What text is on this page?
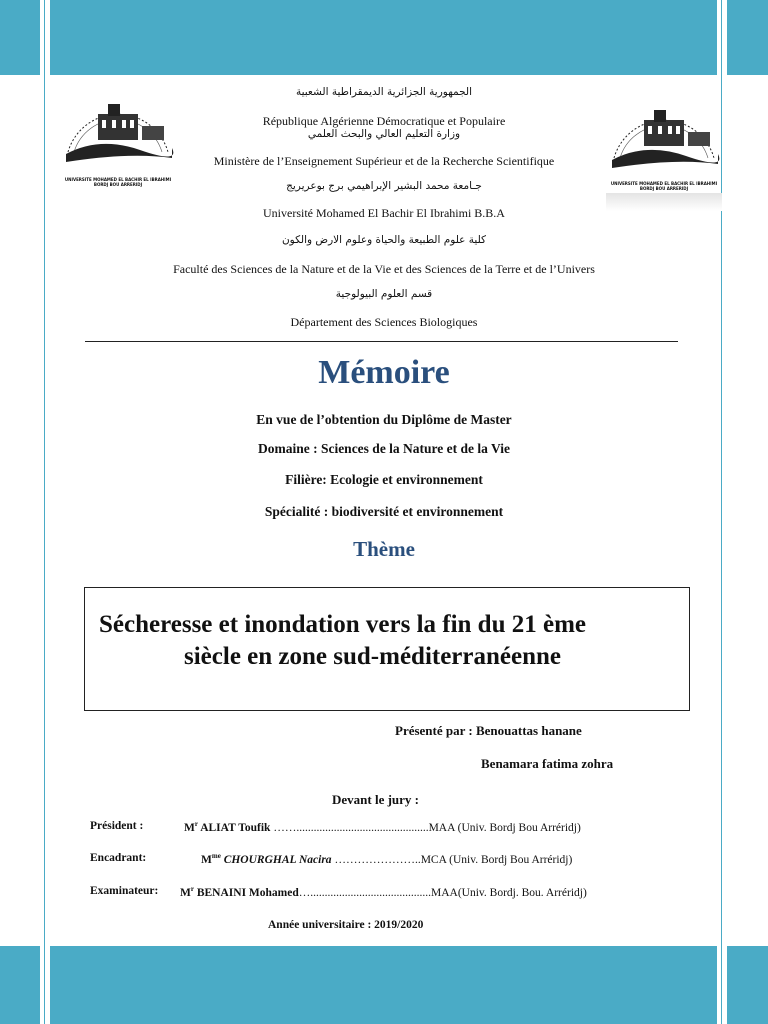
UNIVERSITE MOHAMED EL BACHIR EL IBRAHIMI
BORDJ BOU ARRERIDJ	UNIVERSITE MOHAMED EL BACHIR EL IBRAHIMI
BORDJ BOU ARRERIDJ
الجمهورية الجزائرية الديمقراطية الشعبية
République Algérienne Démocratique et Populaire
وزارة التعليم العالي والبحث العلمي
Ministère de l’Enseignement Supérieur et de la Recherche Scientifique
جـامعة محمد البشير الإبراهيمي برج بوعريريج
Université Mohamed El Bachir El Ibrahimi B.B.A
كلية علوم الطبيعة والحياة وعلوم الارض والكون
Faculté des Sciences de la Nature et de la Vie et des Sciences de la Terre et de l’Univers
قسم العلوم البيولوجية
Département des Sciences Biologiques
Mémoire
En vue de l’obtention du Diplôme de Master
Domaine : Sciences de la Nature et de la Vie
Filière: Ecologie et environnement
Spécialité : biodiversité et environnement
Thème
Sécheresse et inondation vers la fin du 21 ème
siècle en zone sud-méditerranéenne
Présenté par : Benouattas hanane
Benamara fatima zohra
Devant le jury :
Président :	$M^r$ ALIAT Toufik ……..............................................MAA (Univ. Bordj Bou Arréridj)
Encadrant:	$M^{me}$ CHOURGHAL Nacira …………………..MCA (Univ. Bordj Bou Arréridj)
Examinateur: $M^r$ BENAINI Mohamed…..........................................MAA(Univ. Bordj. Bou. Arréridj)
Année universitaire : 2019/2020
